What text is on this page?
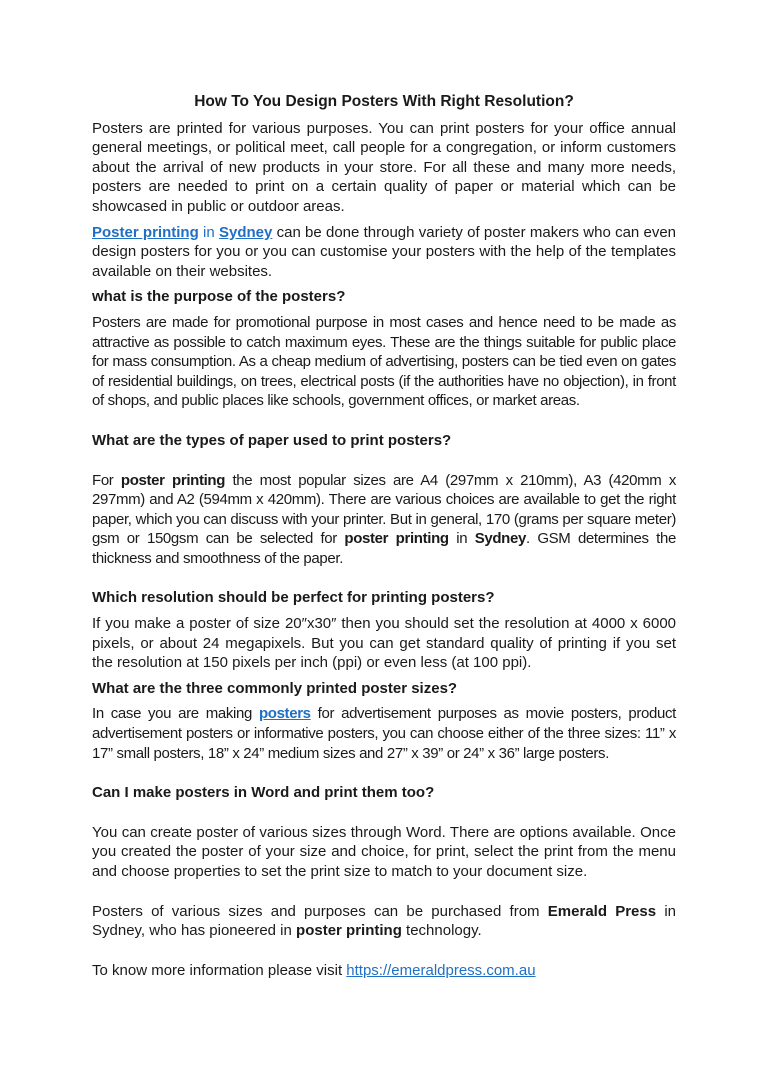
How To You Design Posters With Right Resolution?

Posters are printed for various purposes. You can print posters for your office annual general meetings, or political meet, call people for a congregation, or inform customers about the arrival of new products in your store. For all these and many more needs, posters are needed to print on a certain quality of paper or material which can be showcased in public or outdoor areas.

Poster printing in Sydney can be done through variety of poster makers who can even design posters for you or you can customise your posters with the help of the templates available on their websites.

what is the purpose of the posters?

Posters are made for promotional purpose in most cases and hence need to be made as attractive as possible to catch maximum eyes. These are the things suitable for public place for mass consumption. As a cheap medium of advertising, posters can be tied even on gates of residential buildings, on trees, electrical posts (if the authorities have no objection), in front of shops, and public places like schools, government offices, or market areas.

What are the types of paper used to print posters?

For poster printing the most popular sizes are A4 (297mm x 210mm), A3 (420mm x 297mm) and A2 (594mm x 420mm). There are various choices are available to get the right paper, which you can discuss with your printer. But in general, 170 (grams per square meter) gsm or 150gsm can be selected for poster printing in Sydney. GSM determines the thickness and smoothness of the paper.

Which resolution should be perfect for printing posters?

If you make a poster of size 20″x30″ then you should set the resolution at 4000 x 6000 pixels, or about 24 megapixels. But you can get standard quality of printing if you set the resolution at 150 pixels per inch (ppi) or even less (at 100 ppi).

What are the three commonly printed poster sizes?

In case you are making posters for advertisement purposes as movie posters, product advertisement posters or informative posters, you can choose either of the three sizes: 11” x 17” small posters, 18” x 24” medium sizes and 27” x 39” or 24” x 36” large posters.

Can I make posters in Word and print them too?

You can create poster of various sizes through Word. There are options available. Once you created the poster of your size and choice, for print, select the print from the menu and choose properties to set the print size to match to your document size.

Posters of various sizes and purposes can be purchased from Emerald Press in Sydney, who has pioneered in poster printing technology.

To know more information please visit https://emeraldpress.com.au
